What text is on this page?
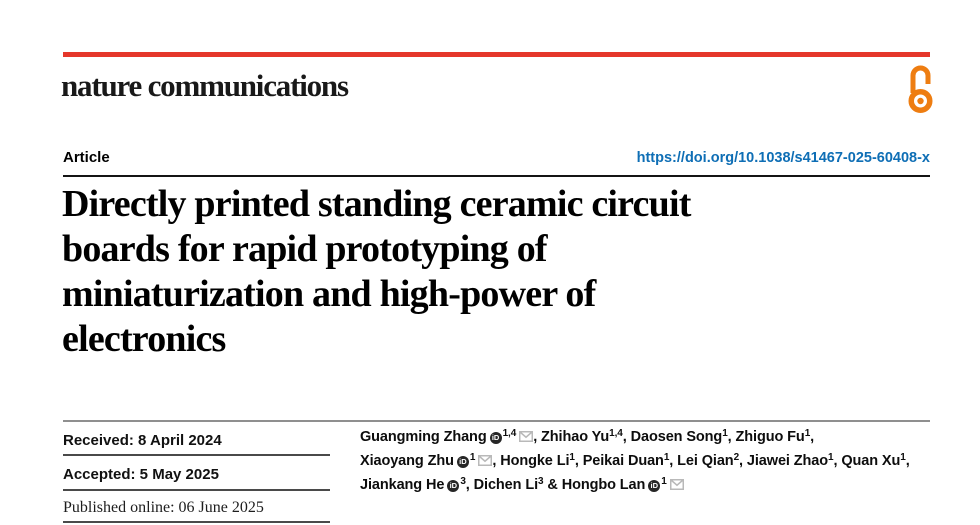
nature communications
Article	https://doi.org/10.1038/s41467-025-60408-x
Directly printed standing ceramic circuit
boards for rapid prototyping of
miniaturization and high-power of
electronics
Received: 8 April 2024
Accepted: 5 May 2025
Published online: 06 June 2025
Guangming Zhang iD $^{1,4}$ , Zhihao Yu$^{1,4}$, Daosen Song$^1$, Zhiguo Fu$^1$,
Xiaoyang Zhu iD $^1$ , Hongke Li$^1$, Peikai Duan$^1$, Lei Qian$^2$, Jiawei Zhao$^1$, Quan Xu$^1$,
Jiankang He iD $^3$, Dichen Li$^3$ & Hongbo Lan iD $^1$
